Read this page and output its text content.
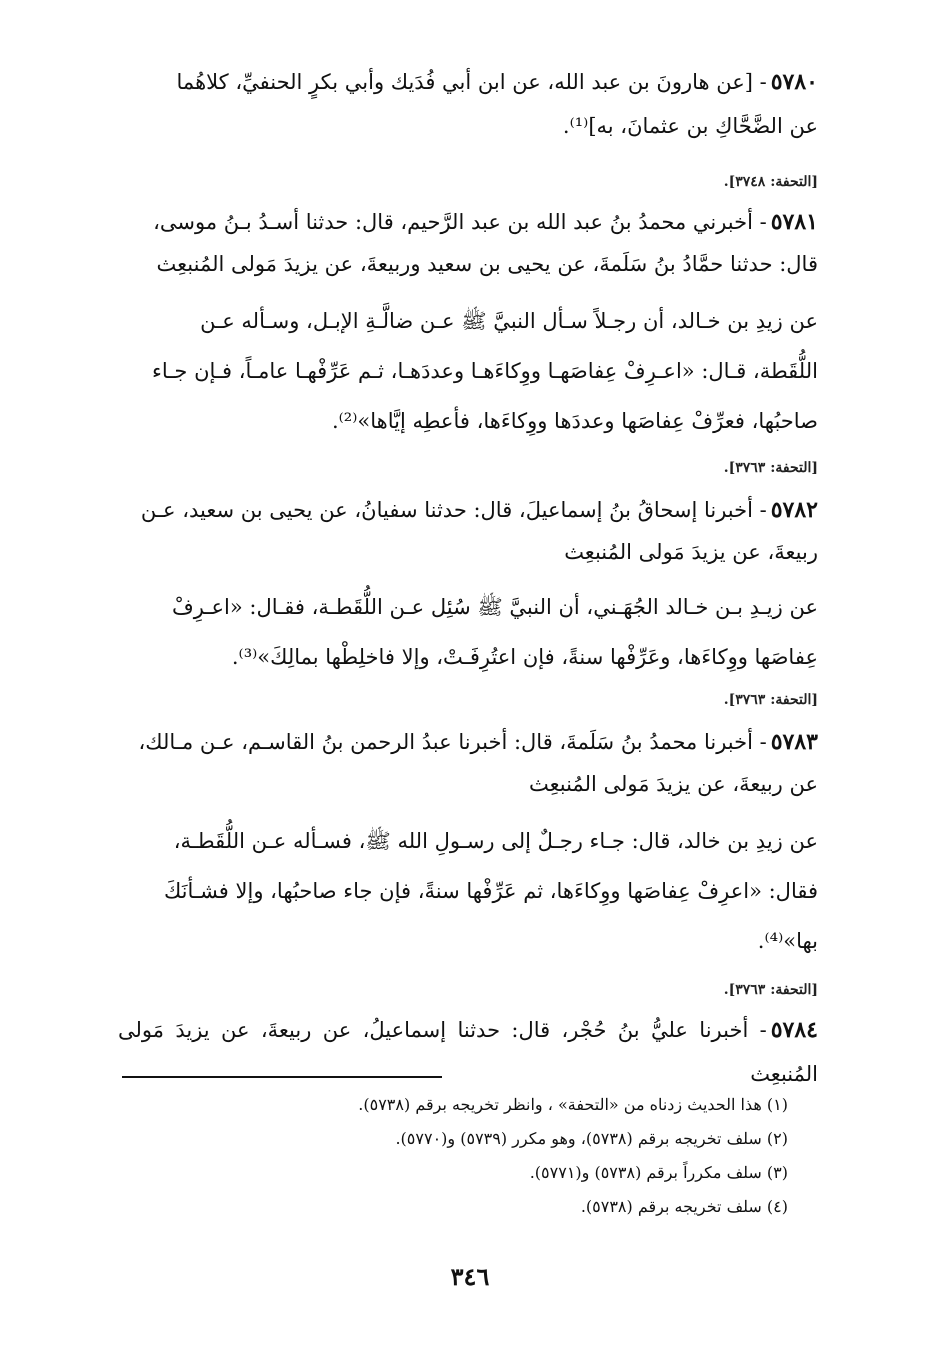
٥٧٨٠- [عن هارونَ بن عبد الله، عن ابن أبي فُدَيك وأبي بكرٍ الحنفيِّ، كلاهُما

عن الضَّحَّاكِ بن عثمانَ، به]⁽¹⁾.

[التحفة: ٣٧٤٨].

٥٧٨١- أخبرني محمدُ بنُ عبد الله بن عبد الرَّحيم، قال: حدثنا أسـدُ بـنُ موسى،

قال: حدثنا حمَّادُ بنُ سَلَمةَ، عن يحيى بن سعيد وربيعةَ، عن يزيدَ مَولى المُنبعِث

عن زيدِ بن خـالد، أن رجـلاً سـأل النبيَّ ﷺ عـن ضالَّـةِ الإبـل، وسـأله عـن

اللُّقَطة، قـال: «اعـرِفْ عِفاصَهـا ووِكاءَهـا وعددَهـا، ثـم عَرِّفْهـا عامـاً، فـإن جـاء

صاحبُها، فعرِّفْ عِفاصَها وعددَها ووِكاءَها، فأعطِه إيَّاها»⁽²⁾.

[التحفة: ٣٧٦٣].

٥٧٨٢- أخبرنا إسحاقُ بنُ إسماعيلَ، قال: حدثنا سفيانُ، عن يحيى بن سعيد، عـن

ربيعةَ، عن يزيدَ مَولى المُنبعِث

عن زيـدِ بـن خـالد الجُهَـني، أن النبيَّ ﷺ سُئِل عـن اللُّقَطـة، فقـال: «اعـرِفْ

عِفاصَها ووِكاءَها، وعَرِّفْها سنةً، فإن اعتُرِفَـتْ، وإلا فاخلِطْها بمالِكَ»⁽³⁾.

[التحفة: ٣٧٦٣].

٥٧٨٣- أخبرنا محمدُ بنُ سَلَمةَ، قال: أخبرنا عبدُ الرحمن بنُ القاسـم، عـن مـالك،

عن ربيعةَ، عن يزيدَ مَولى المُنبعِث

عن زيدِ بن خالد، قال: جـاء رجـلٌ إلى رسـولِ الله ﷺ، فسـأله عـن اللُّقَطـة،

فقال: «اعرِفْ عِفاصَها ووِكاءَها، ثم عَرِّفْها سنةً، فإن جاء صاحبُها، وإلا فشـأنَكَ

بها»⁽⁴⁾.

[التحفة: ٣٧٦٣].

٥٧٨٤- أخبرنا عليُّ بنُ حُجْر، قال: حدثنا إسماعيلُ، عن ربيعةَ، عن يزيدَ مَولى المُنبعِث

(١) هذا الحديث زدناه من «التحفة» ، وانظر تخريجه برقم (٥٧٣٨).
(٢) سلف تخريجه برقم (٥٧٣٨)، وهو مكرر (٥٧٣٩) و(٥٧٧٠).
(٣) سلف مكرراً برقم (٥٧٣٨) و(٥٧٧١).
(٤) سلف تخريجه برقم (٥٧٣٨).
٣٤٦
